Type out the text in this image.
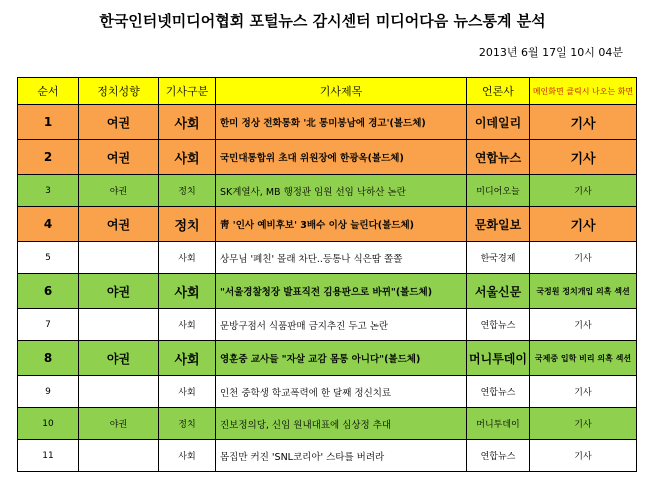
한국인터넷미디어협회 포털뉴스 감시센터 미디어다음 뉴스통계 분석
2013년 6월 17일 10시 04분
순서	정치성향	기사구분	기사제목	언론사	메인화면 클릭시 나오는 화면
1	여권	사회	한미 정상 전화통화 '北 통미봉남에 경고'(볼드체)	이데일리	기사
2	여권	사회	국민대통합위 초대 위원장에 한광옥(볼드체)	연합뉴스	기사
3	야권	정치	SK계열사, MB 행정관 임원 선임 낙하산 논란	미디어오늘	기사
4	여권	정치	靑 '인사 예비후보' 3배수 이상 늘린다(볼드체)	문화일보	기사
5		사회	상무님 '폐친' 몰래 차단..등통나 식은땀 쫄쫄	한국경제	기사
6	야권	사회	"서울경찰청장 발표직전 김용판으로 바뀌"(볼드체)	서울신문	국정원 정치개입 의혹 섹션
7		사회	문방구점서 식품판매 금지추진 두고 논란	연합뉴스	기사
8	야권	사회	영훈중 교사들 "자살 교감 몸통 아니다"(볼드체)	머니투데이	국제중 입학 비리 의혹 섹션
9		사회	인천 중학생 학교폭력에 한 달째 정신치료	연합뉴스	기사
10	야권	정치	진보정의당, 신임 원내대표에 심상정 추대	머니투데이	기사
11		사회	몸집만 커진 'SNL코리아' 스타를 버려라	연합뉴스	기사
